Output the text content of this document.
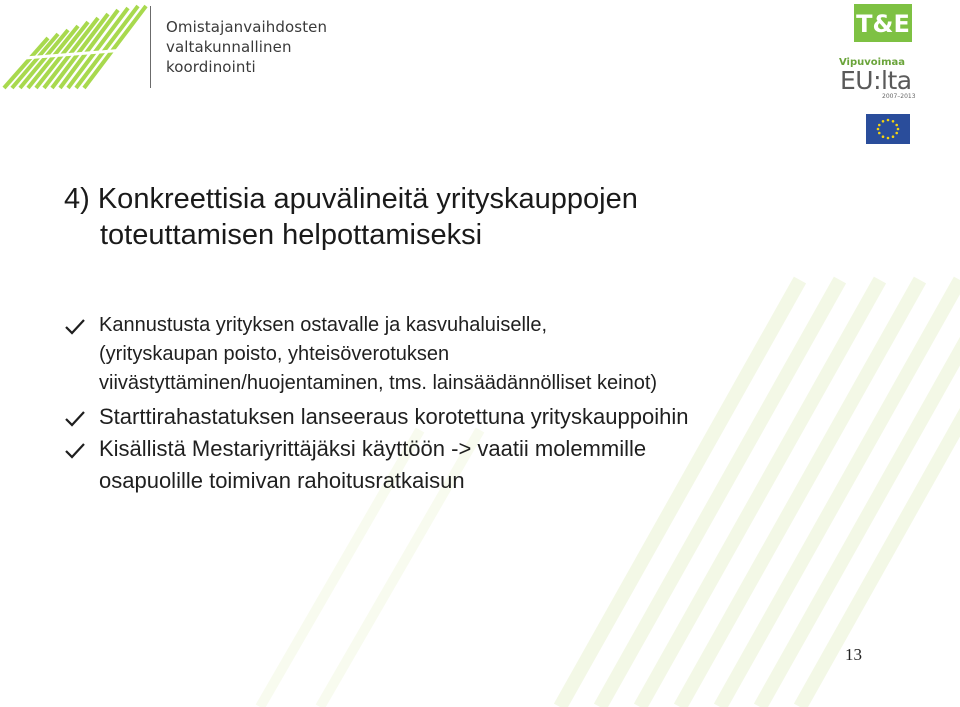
Omistajanvaihdosten
valtakunnallinen
koordinointi
T&E
Vipuvoimaa
EU:lta
2007–2013
4) Konkreettisia apuvälineitä yrityskauppojen
toteuttamisen helpottamiseksi
Kannustusta yrityksen ostavalle ja kasvuhaluiselle,
(yrityskaupan poisto, yhteisöverotuksen
viivästyttäminen/huojentaminen, tms. lainsäädännölliset keinot)
Starttirahastatuksen lanseeraus korotettuna yrityskauppoihin
Kisällistä Mestariyrittäjäksi käyttöön -> vaatii molemmille
osapuolille toimivan rahoitusratkaisun
13
